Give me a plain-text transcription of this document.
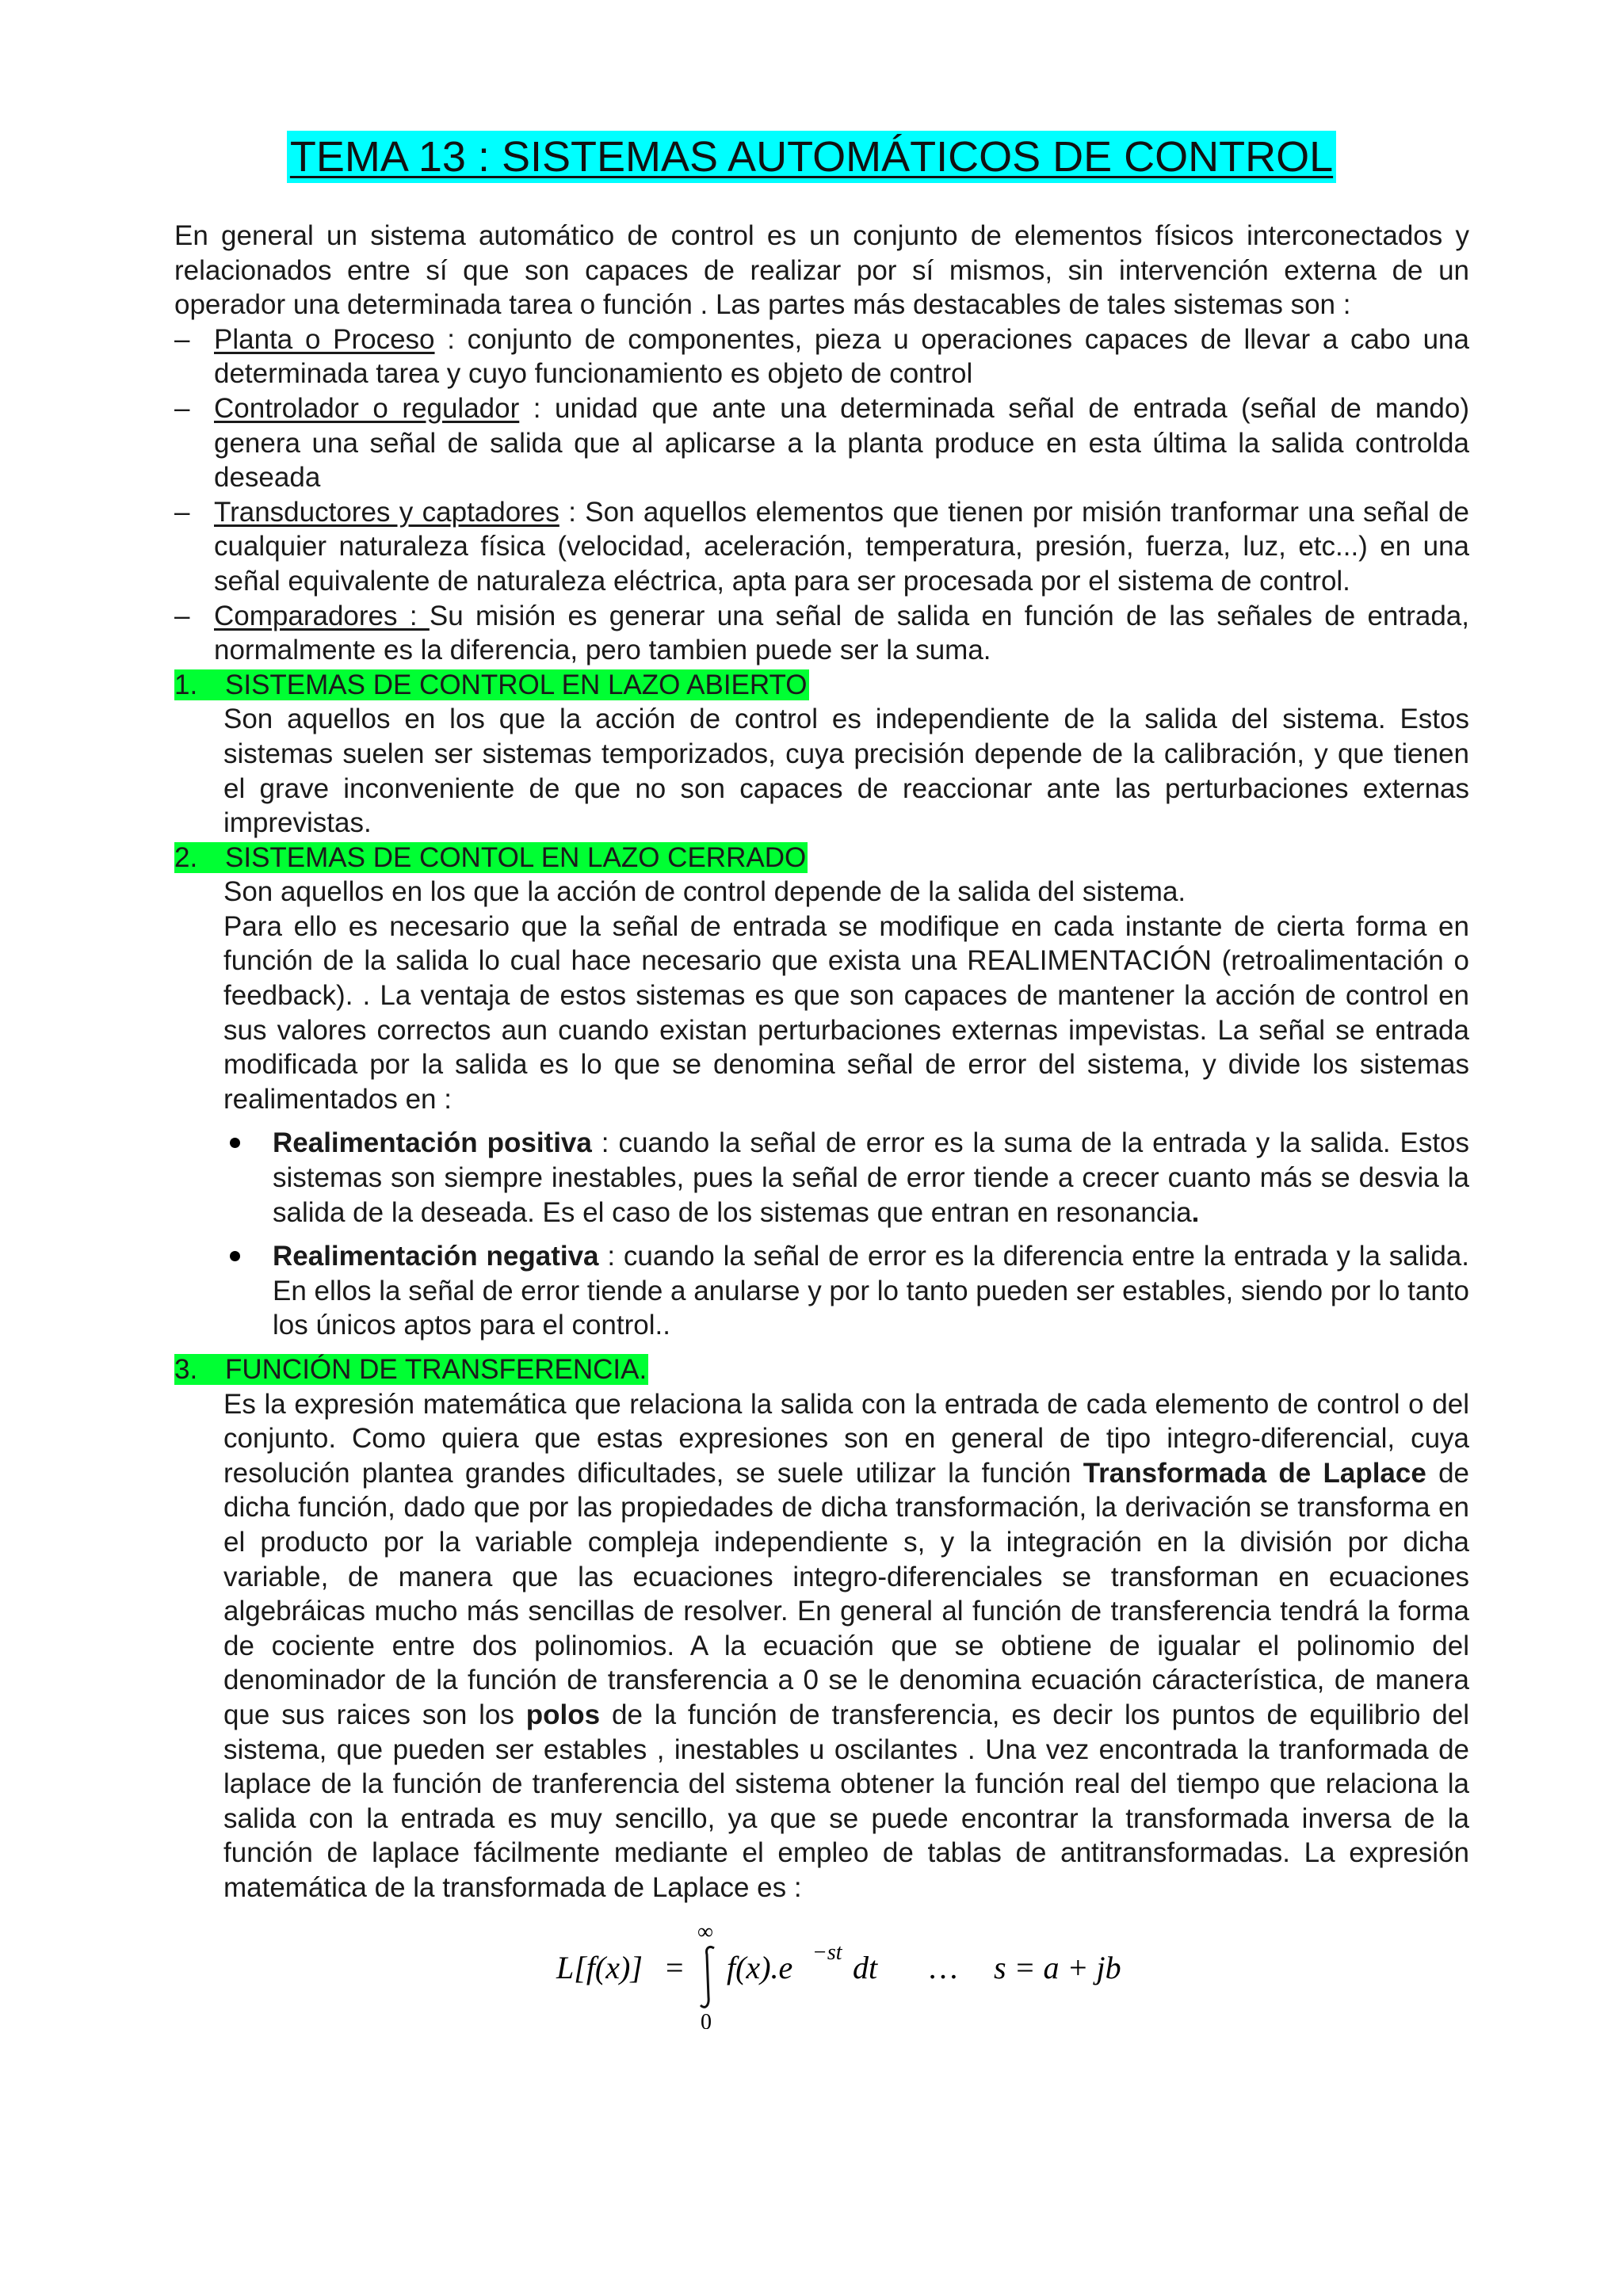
TEMA 13 : SISTEMAS AUTOMÁTICOS DE CONTROL

En general un sistema automático de control es un conjunto de elementos físicos interconectados y relacionados entre sí que son capaces de realizar por sí mismos, sin intervención externa de un operador una determinada tarea o función . Las partes más destacables de tales sistemas son :

– Planta o Proceso : conjunto de componentes, pieza u operaciones capaces de llevar a cabo una determinada tarea y cuyo funcionamiento es objeto de control
– Controlador o regulador : unidad que ante una determinada señal de entrada (señal de mando) genera una señal de salida que al aplicarse a la planta produce en esta última la salida controlda deseada
– Transductores y captadores : Son aquellos elementos que tienen por misión tranformar una señal de cualquier naturaleza física (velocidad, aceleración, temperatura, presión, fuerza, luz, etc...) en una señal equivalente de naturaleza eléctrica, apta para ser procesada por el sistema de control.
– Comparadores : Su misión es generar una señal de salida en función de las señales de entrada, normalmente es la diferencia, pero tambien puede ser la suma.
1. SISTEMAS DE CONTROL EN LAZO ABIERTO
Son aquellos en los que la acción de control es independiente de la salida del sistema. Estos sistemas suelen ser sistemas temporizados, cuya precisión depende de la calibración, y que tienen el grave inconveniente de que no son capaces de reaccionar ante las perturbaciones externas imprevistas.
2. SISTEMAS DE CONTOL EN LAZO CERRADO
Son aquellos en los que la acción de control depende de la salida del sistema.
Para ello es necesario que la señal de entrada se modifique en cada instante de cierta forma en función de la salida lo cual hace necesario que exista una REALIMENTACIÓN (retroalimentación o feedback). . La ventaja de estos sistemas es que son capaces de mantener la acción de control en sus valores correctos aun cuando existan perturbaciones externas impevistas. La señal se entrada modificada por la salida es lo que se denomina señal de error del sistema, y divide los sistemas realimentados en :
Realimentación positiva : cuando la señal de error es la suma de la entrada y la salida. Estos sistemas son siempre inestables, pues la señal de error tiende a crecer cuanto más se desvia la salida de la deseada. Es el caso de los sistemas que entran en resonancia.
Realimentación negativa : cuando la señal de error es la diferencia entre la entrada y la salida. En ellos la señal de error tiende a anularse y por lo tanto pueden ser estables, siendo por lo tanto los únicos aptos para el control..
3. FUNCIÓN DE TRANSFERENCIA.
Es la expresión matemática que relaciona la salida con la entrada de cada elemento de control o del conjunto. Como quiera que estas expresiones son en general de tipo integro-diferencial, cuya resolución plantea grandes dificultades, se suele utilizar la función Transformada de Laplace de dicha función, dado que por las propiedades de dicha transformación, la derivación se transforma en el producto por la variable compleja independiente s, y la integración en la división por dicha variable, de manera que las ecuaciones integro-diferenciales se transforman en ecuaciones algebráicas mucho más sencillas de resolver. En general al función de transferencia tendrá la forma de cociente entre dos polinomios. A la ecuación que se obtiene de igualar el polinomio del denominador de la función de transferencia a 0 se le denomina ecuación cáracterística, de manera que sus raices son los polos de la función de transferencia, es decir los puntos de equilibrio del sistema, que pueden ser estables , inestables u oscilantes . Una vez encontrada la tranformada de laplace de la función de tranferencia del sistema obtener la función real del tiempo que relaciona la salida con la entrada es muy sencillo, ya que se puede encontrar la transformada inversa de la función de laplace fácilmente mediante el empleo de tablas de antitransformadas. La expresión matemática de la transformada de Laplace es :
L[f(x)] =
∞
0
f(x).e −st dt … s = a + jb
